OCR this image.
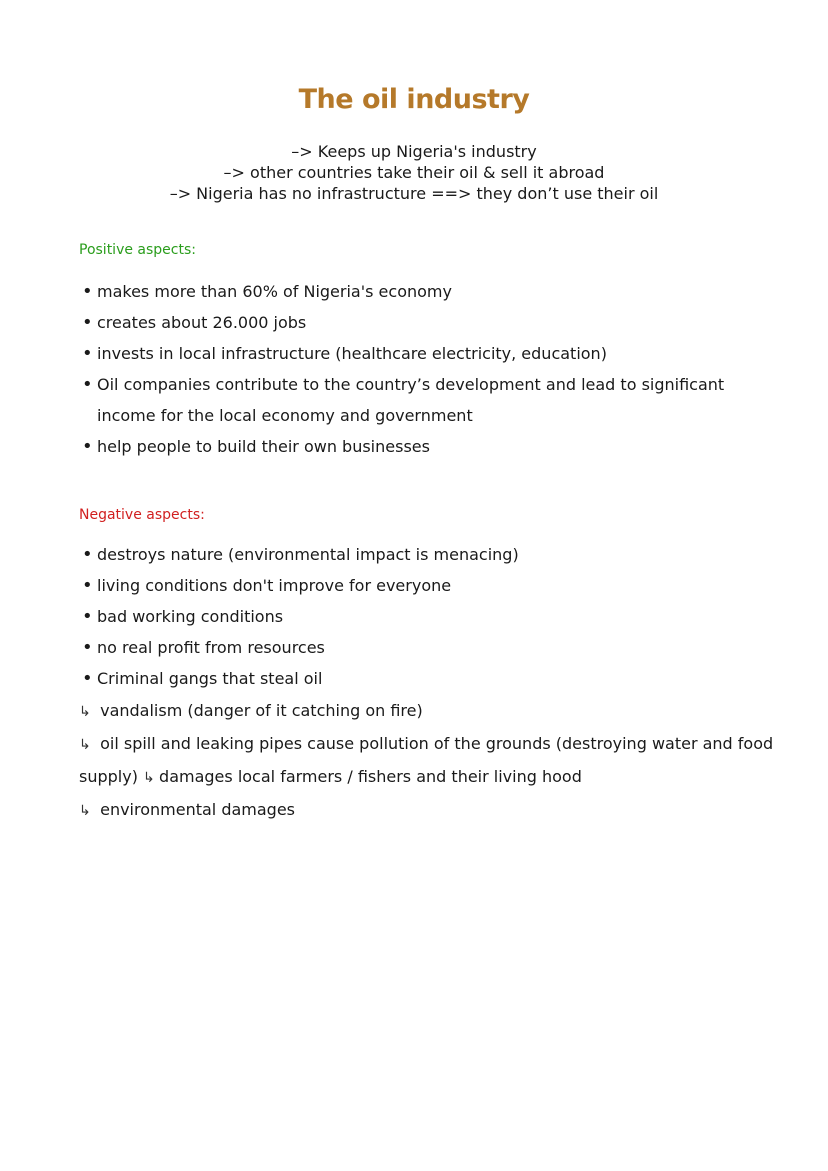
The oil industry
–> Keeps up Nigeria's industry
–> other countries take their oil & sell it abroad
–> Nigeria has no infrastructure ==> they don’t use their oil
Positive aspects:
• makes more than 60% of Nigeria's economy
• creates about 26.000 jobs
• invests in local infrastructure (healthcare electricity, education)
• Oil companies contribute to the country’s development and lead to significant income for the local economy and government
• help people to build their own businesses
Negative aspects:
• destroys nature (environmental impact is menacing)
• living conditions don't improve for everyone
• bad working conditions
• no real profit from resources
• Criminal gangs that steal oil
↳ vandalism (danger of it catching on fire)
↳ oil spill and leaking pipes cause pollution of the grounds (destroying water and food supply) ↳ damages local farmers / fishers and their living hood
↳ environmental damages
